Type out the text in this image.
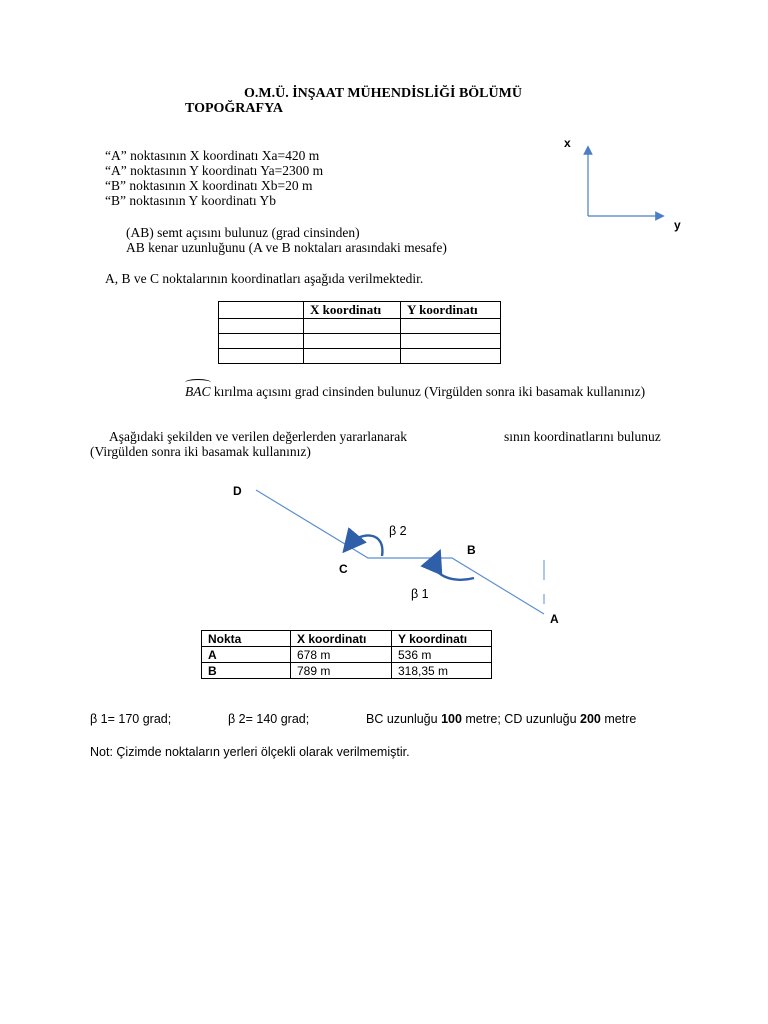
O.M.Ü. İNŞAAT MÜHENDİSLİĞİ BÖLÜMÜ
TOPOĞRAFYA
“A” noktasının X koordinatı Xa=420 m
“A” noktasının Y koordinatı Ya=2300 m
“B” noktasının X koordinatı Xb=20 m
“B” noktasının Y koordinatı Yb
x
y
(AB) semt açısını bulunuz (grad cinsinden)
AB kenar uzunluğunu (A ve B noktaları arasındaki mesafe)
A, B ve C noktalarının koordinatları aşağıda verilmektedir.
	X koordinatı	Y koordinatı

BAC kırılma açısını grad cinsinden bulunuz (Virgülden sonra iki basamak kullanınız)
Aşağıdaki şekilden ve verilen değerlerden yararlanarak	sının koordinatlarını bulunuz
(Virgülden sonra iki basamak kullanınız)
D
C
B
A
β 2
β 1
Nokta	X koordinatı	Y koordinatı
A	678 m	536 m
B	789 m	318,35 m
β 1= 170 grad;	β 2= 140 grad;	BC uzunluğu 100 metre; CD uzunluğu 200 metre
Not: Çizimde noktaların yerleri ölçekli olarak verilmemiştir.
